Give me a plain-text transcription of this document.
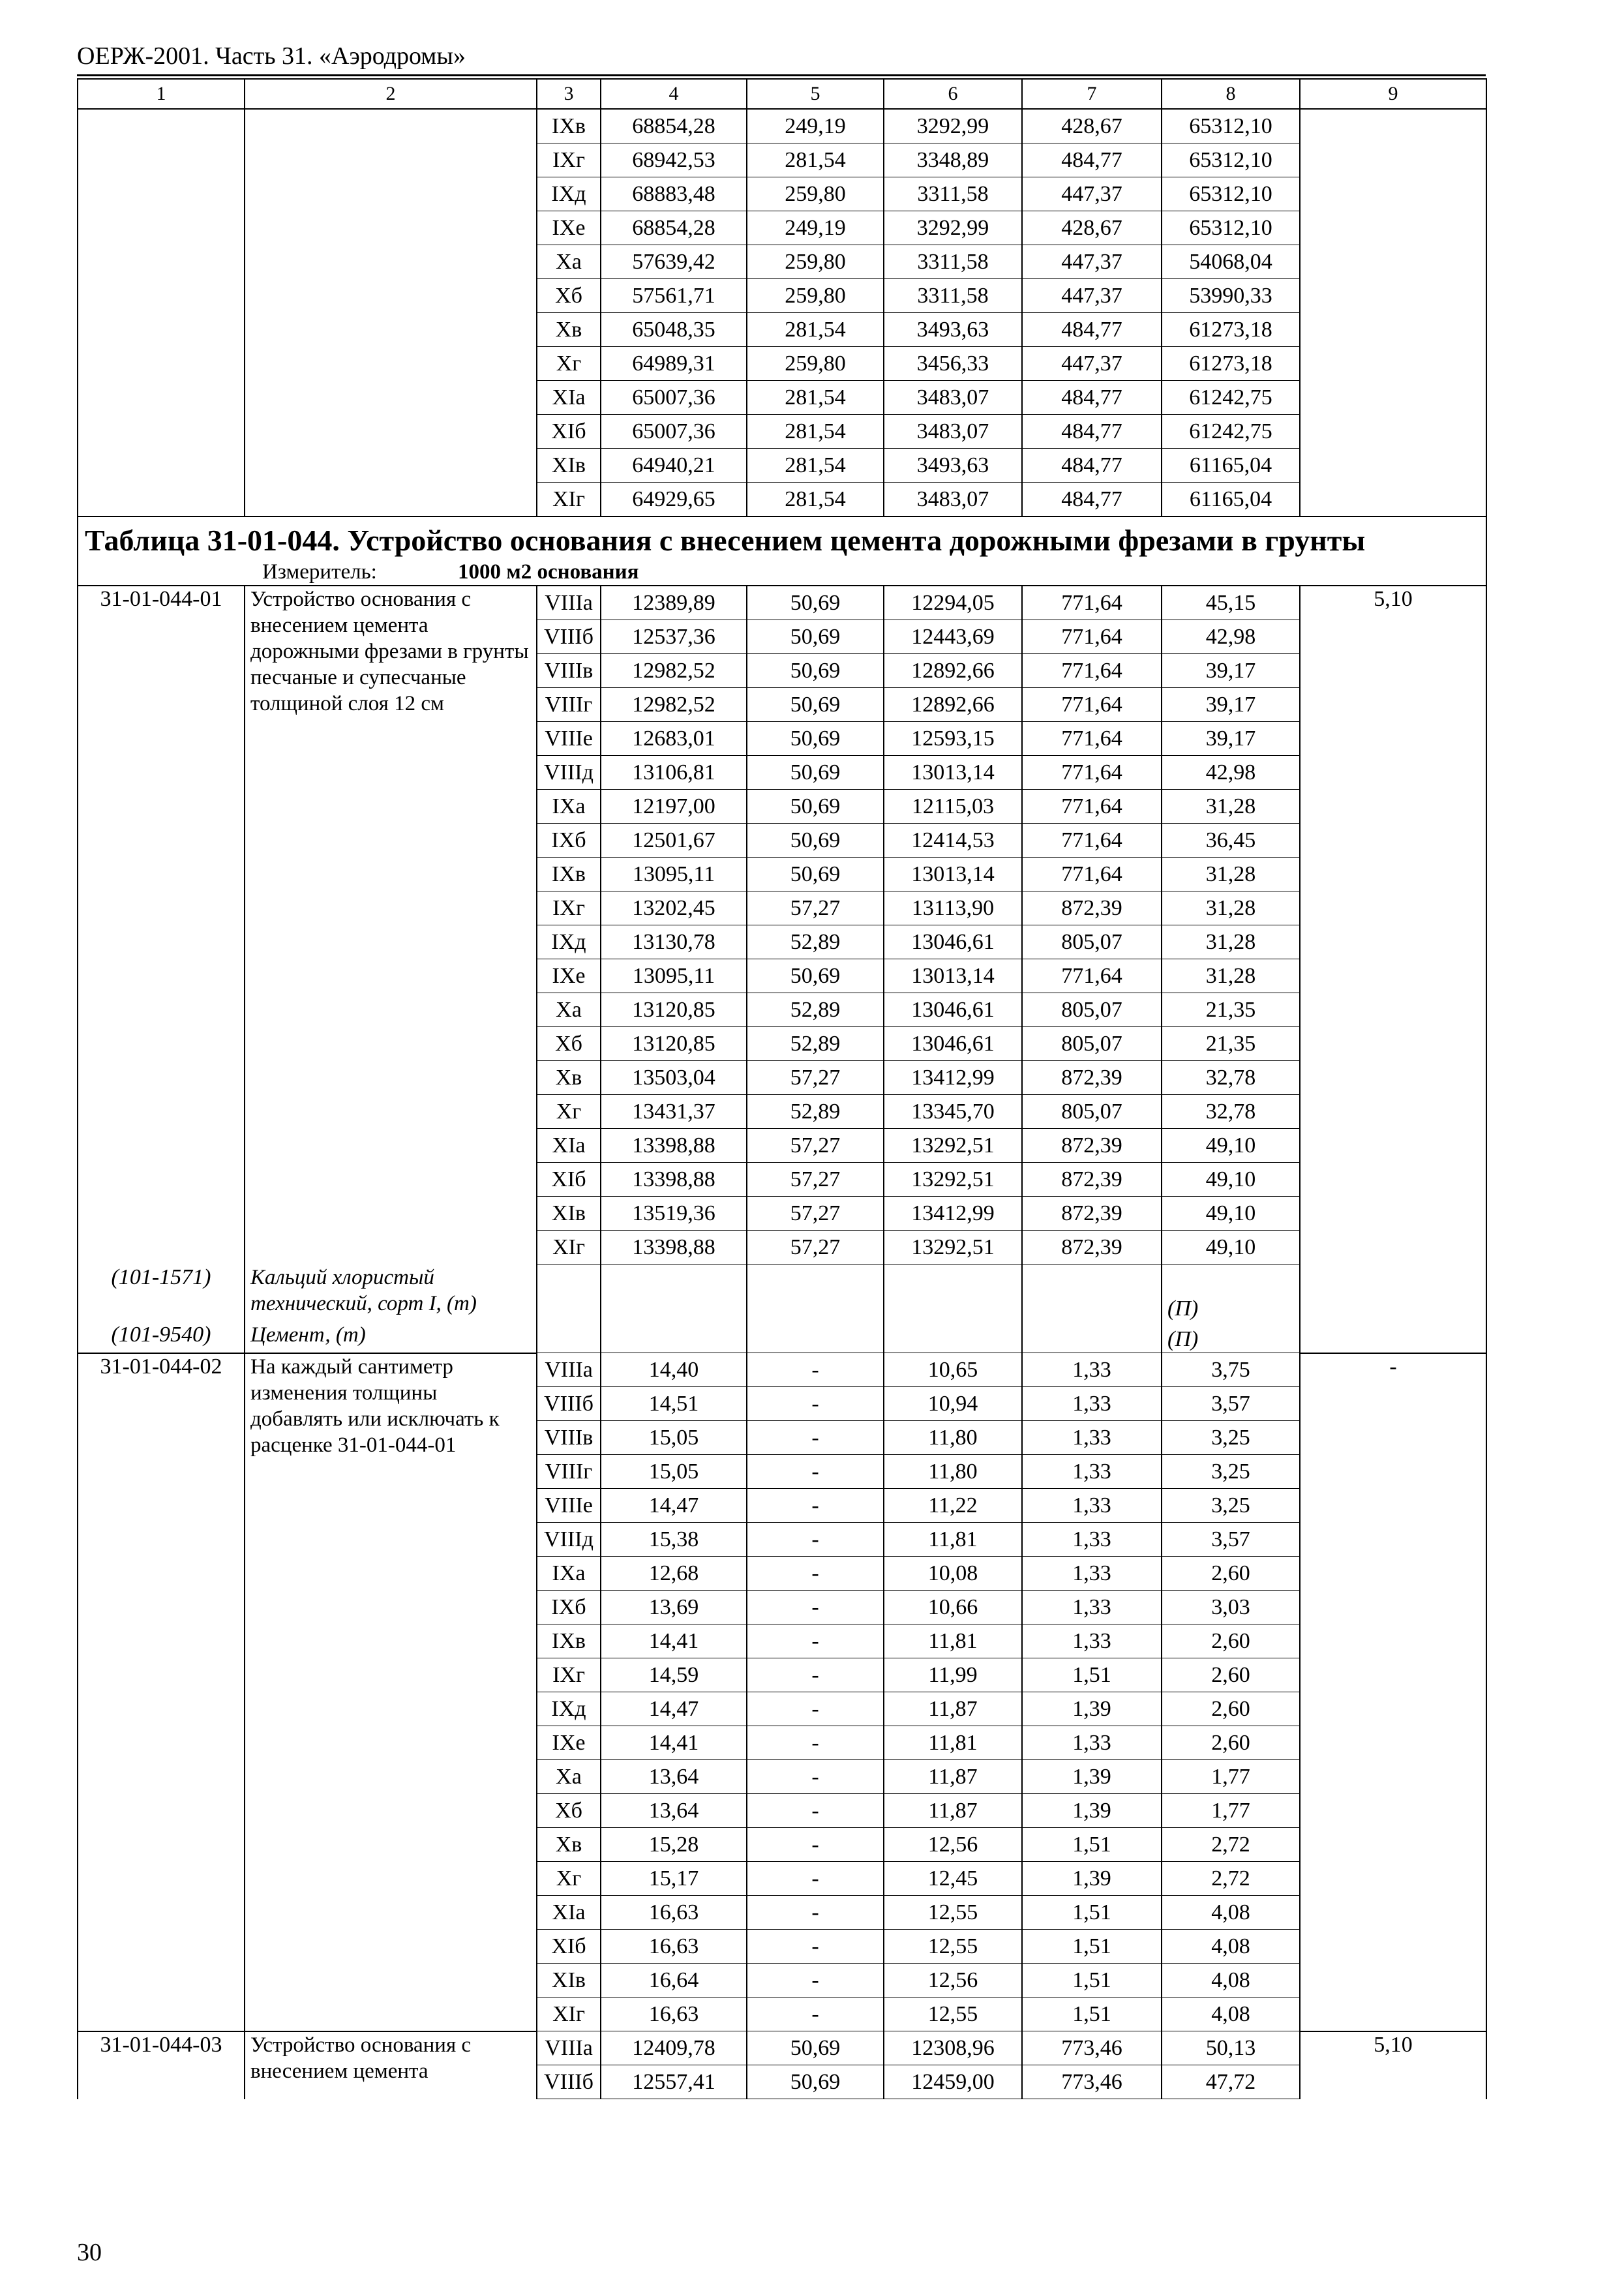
ОЕРЖ-2001. Часть 31. «Аэродромы»
1	2	3	4	5	6	7	8	9
		IXв	68854,28	249,19	3292,99	428,67	65312,10	
		IXг	68942,53	281,54	3348,89	484,77	65312,10	
		IXд	68883,48	259,80	3311,58	447,37	65312,10	
		IXе	68854,28	249,19	3292,99	428,67	65312,10	
		Xа	57639,42	259,80	3311,58	447,37	54068,04	
		Xб	57561,71	259,80	3311,58	447,37	53990,33	
		Xв	65048,35	281,54	3493,63	484,77	61273,18	
		Xг	64989,31	259,80	3456,33	447,37	61273,18	
		XIа	65007,36	281,54	3483,07	484,77	61242,75	
		XIб	65007,36	281,54	3483,07	484,77	61242,75	
		XIв	64940,21	281,54	3493,63	484,77	61165,04	
		XIг	64929,65	281,54	3483,07	484,77	61165,04	

Таблица 31-01-044. Устройство основания с внесением цемента дорожными фрезами в грунты								

Измеритель: 1000 м2 основания								
31-01-044-01	Устройство основания с внесением цемента дорожными фрезами в грунты песчаные и супесчаные толщиной слоя 12 см	VIIIа	12389,89	50,69	12294,05	771,64	45,15	5,10
		VIIIб	12537,36	50,69	12443,69	771,64	42,98	
		VIIIв	12982,52	50,69	12892,66	771,64	39,17	
		VIIIг	12982,52	50,69	12892,66	771,64	39,17	
		VIIIе	12683,01	50,69	12593,15	771,64	39,17	
		VIIIд	13106,81	50,69	13013,14	771,64	42,98	
		IXа	12197,00	50,69	12115,03	771,64	31,28	
		IXб	12501,67	50,69	12414,53	771,64	36,45	
		IXв	13095,11	50,69	13013,14	771,64	31,28	
		IXг	13202,45	57,27	13113,90	872,39	31,28	
		IXд	13130,78	52,89	13046,61	805,07	31,28	
		IXе	13095,11	50,69	13013,14	771,64	31,28	
		Xа	13120,85	52,89	13046,61	805,07	21,35	
		Xб	13120,85	52,89	13046,61	805,07	21,35	
		Xв	13503,04	57,27	13412,99	872,39	32,78	
		Xг	13431,37	52,89	13345,70	805,07	32,78	
		XIа	13398,88	57,27	13292,51	872,39	49,10	
		XIб	13398,88	57,27	13292,51	872,39	49,10	
		XIв	13519,36	57,27	13412,99	872,39	49,10	
		XIг	13398,88	57,27	13292,51	872,39	49,10	
(101-1571)	Кальций хлористый технический, сорт I, (т)						(П)	
(101-9540)	Цемент, (т)						(П)	
31-01-044-02	На каждый сантиметр изменения толщины добавлять или исключать к расценке 31-01-044-01	VIIIа	14,40	-	10,65	1,33	3,75	-
		VIIIб	14,51	-	10,94	1,33	3,57	
		VIIIв	15,05	-	11,80	1,33	3,25	
		VIIIг	15,05	-	11,80	1,33	3,25	
		VIIIе	14,47	-	11,22	1,33	3,25	
		VIIIд	15,38	-	11,81	1,33	3,57	
		IXа	12,68	-	10,08	1,33	2,60	
		IXб	13,69	-	10,66	1,33	3,03	
		IXв	14,41	-	11,81	1,33	2,60	
		IXг	14,59	-	11,99	1,51	2,60	
		IXд	14,47	-	11,87	1,39	2,60	
		IXе	14,41	-	11,81	1,33	2,60	
		Xа	13,64	-	11,87	1,39	1,77	
		Xб	13,64	-	11,87	1,39	1,77	
		Xв	15,28	-	12,56	1,51	2,72	
		Xг	15,17	-	12,45	1,39	2,72	
		XIа	16,63	-	12,55	1,51	4,08	
		XIб	16,63	-	12,55	1,51	4,08	
		XIв	16,64	-	12,56	1,51	4,08	
		XIг	16,63	-	12,55	1,51	4,08	
31-01-044-03	Устройство основания с внесением цемента	VIIIа	12409,78	50,69	12308,96	773,46	50,13	5,10
		VIIIб	12557,41	50,69	12459,00	773,46	47,72	
30
